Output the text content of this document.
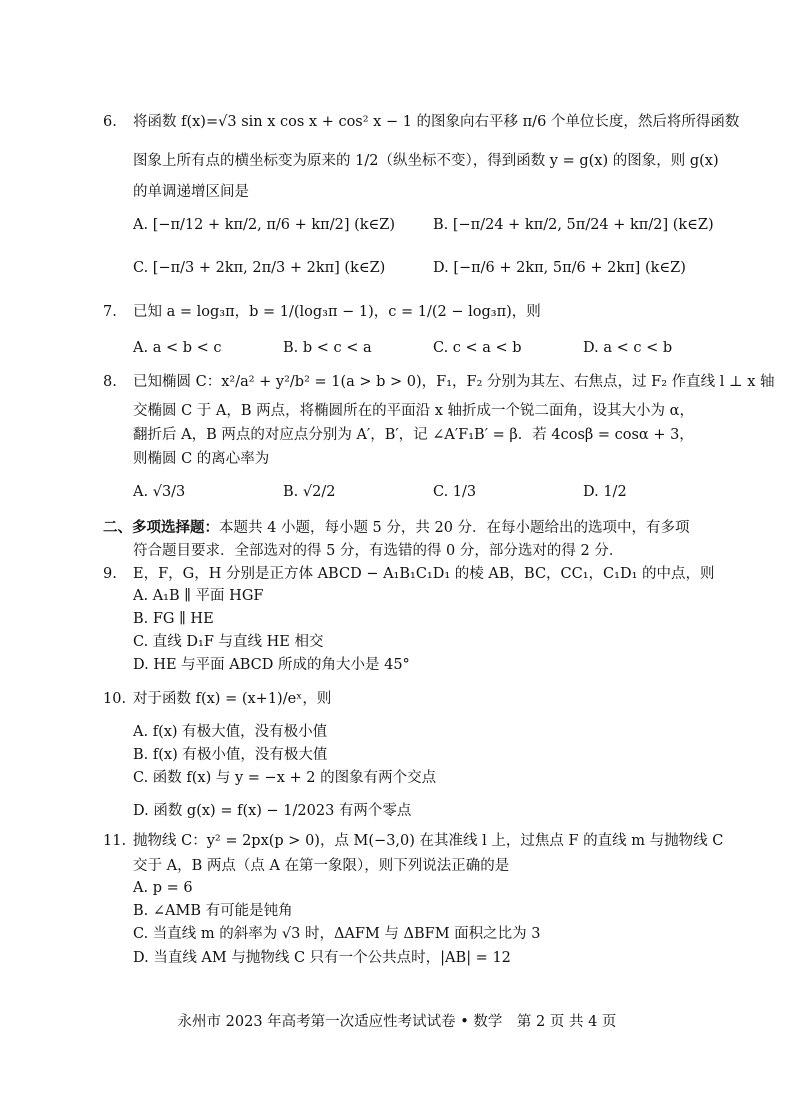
6. 将函数 f(x)=√3 sin x cos x + cos² x − 1 的图象向右平移 π/6 个单位长度，然后将所得函数
图象上所有点的横坐标变为原来的 1/2（纵坐标不变），得到函数 y = g(x) 的图象，则 g(x)
的单调递增区间是
A. [−π/12 + kπ/2, π/6 + kπ/2] (k∈Z)	B. [−π/24 + kπ/2, 5π/24 + kπ/2] (k∈Z)
C. [−π/3 + 2kπ, 2π/3 + 2kπ] (k∈Z)	D. [−π/6 + 2kπ, 5π/6 + 2kπ] (k∈Z)
7. 已知 a = log₃π，b = 1/(log₃π − 1)，c = 1/(2 − log₃π)，则
A. a < b < c	B. b < c < a	C. c < a < b	D. a < c < b
8. 已知椭圆 C：x²/a² + y²/b² = 1(a > b > 0)，F₁，F₂ 分别为其左、右焦点，过 F₂ 作直线 l ⊥ x 轴
交椭圆 C 于 A，B 两点，将椭圆所在的平面沿 x 轴折成一个锐二面角，设其大小为 α，
翻折后 A，B 两点的对应点分别为 A′，B′，记 ∠A′F₁B′ = β．若 4cosβ = cosα + 3，
则椭圆 C 的离心率为
A. √3/3	B. √2/2	C. 1/3	D. 1/2
二、多项选择题：本题共 4 小题，每小题 5 分，共 20 分．在每小题给出的选项中，有多项
符合题目要求．全部选对的得 5 分，有选错的得 0 分，部分选对的得 2 分．
9. E，F，G，H 分别是正方体 ABCD − A₁B₁C₁D₁ 的棱 AB，BC，CC₁，C₁D₁ 的中点，则
A. A₁B ∥ 平面 HGF
B. FG ∥ HE
C. 直线 D₁F 与直线 HE 相交
D. HE 与平面 ABCD 所成的角大小是 45°
10. 对于函数 f(x) = (x+1)/eˣ，则
A. f(x) 有极大值，没有极小值
B. f(x) 有极小值，没有极大值
C. 函数 f(x) 与 y = −x + 2 的图象有两个交点
D. 函数 g(x) = f(x) − 1/2023 有两个零点
11. 抛物线 C：y² = 2px(p > 0)，点 M(−3,0) 在其准线 l 上，过焦点 F 的直线 m 与抛物线 C
交于 A，B 两点（点 A 在第一象限），则下列说法正确的是
A. p = 6
B. ∠AMB 有可能是钝角
C. 当直线 m 的斜率为 √3 时，ΔAFM 与 ΔBFM 面积之比为 3
D. 当直线 AM 与抛物线 C 只有一个公共点时，|AB| = 12
永州市 2023 年高考第一次适应性考试试卷 • 数学　第 2 页 共 4 页
